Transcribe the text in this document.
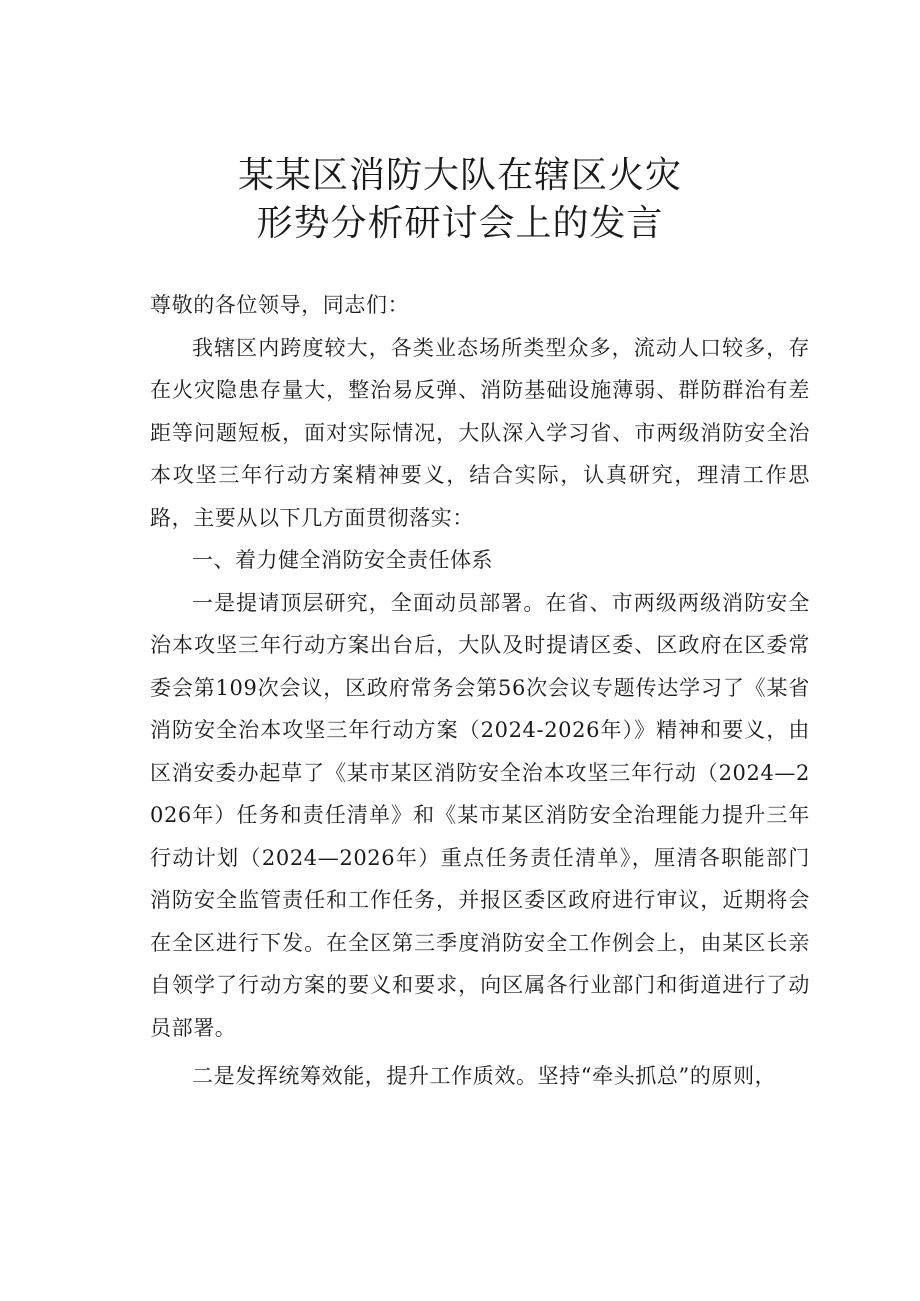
某某区消防大队在辖区火灾
形势分析研讨会上的发言

尊敬的各位领导，同志们：

我辖区内跨度较大，各类业态场所类型众多，流动人口较多，存在火灾隐患存量大，整治易反弹、消防基础设施薄弱、群防群治有差距等问题短板，面对实际情况，大队深入学习省、市两级消防安全治本攻坚三年行动方案精神要义，结合实际，认真研究，理清工作思路，主要从以下几方面贯彻落实：

一、着力健全消防安全责任体系

一是提请顶层研究，全面动员部署。在省、市两级两级消防安全治本攻坚三年行动方案出台后，大队及时提请区委、区政府在区委常委会第109次会议，区政府常务会第56次会议专题传达学习了《某省消防安全治本攻坚三年行动方案（2024-2026年）》精神和要义，由区消安委办起草了《某市某区消防安全治本攻坚三年行动（2024—2026年）任务和责任清单》和《某市某区消防安全治理能力提升三年行动计划（2024—2026年）重点任务责任清单》，厘清各职能部门消防安全监管责任和工作任务，并报区委区政府进行审议，近期将会在全区进行下发。在全区第三季度消防安全工作例会上，由某区长亲自领学了行动方案的要义和要求，向区属各行业部门和街道进行了动员部署。

二是发挥统筹效能，提升工作质效。坚持“牵头抓总”的原则，
